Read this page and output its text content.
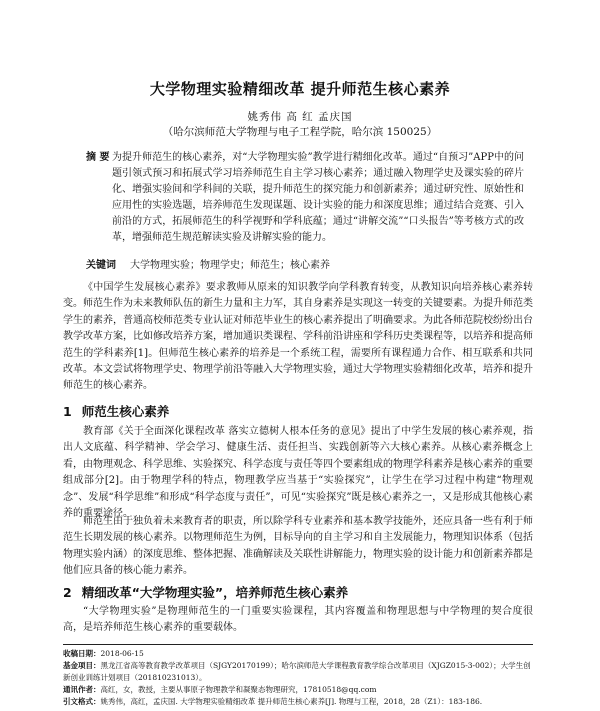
大学物理实验精细改革 提升师范生核心素养
姚秀伟 高 红 孟庆国
（哈尔滨师范大学物理与电子工程学院，哈尔滨 150025）
摘 要 为提升师范生的核心素养，对“大学物理实验”教学进行精细化改革。通过“自预习”APP中的问题引领式预习和拓展式学习培养师范生自主学习核心素养；通过融入物理学史及课实验的碎片化、增强实验间和学科间的关联，提升师范生的探究能力和创新素养；通过研究性、原始性和应用性的实验选题，培养师范生发现谋题、设计实验的能力和深度思维；通过结合竞赛、引入前沿的方式，拓展师范生的科学视野和学科底蕴；通过“讲解交流”“口头报告”等考核方式的改革，增强师范生规范解读实验及讲解实验的能力。
关键词	大学物理实验；物理学史；师范生；核心素养
《中国学生发展核心素养》要求教师从原来的知识教学向学科教育转变，从教知识向培养核心素养转变。师范生作为未来教师队伍的新生力量和主力军，其自身素养是实现这一转变的关键要素。为提升师范类学生的素养，普通高校师范类专业认证对师范毕业生的核心素养提出了明确要求。为此各师范院校纷纷出台教学改革方案，比如修改培养方案，增加通识类课程、学科前沿讲座和学科历史类课程等，以培养和提高师范生的学科素养[1]。但师范生核心素养的培养是一个系统工程，需要所有课程通力合作、相互联系和共同改革。本文尝试将物理学史、物理学前沿等融入大学物理实验，通过大学物理实验精细化改革，培养和提升师范生的核心素养。
1 师范生核心素养
教育部《关于全面深化课程改革 落实立德树人根本任务的意见》提出了中学生发展的核心素养观，指出人文底蕴、科学精神、学会学习、健康生活、责任担当、实践创新等六大核心素养。从核心素养概念上看，由物理观念、科学思维、实验探究、科学态度与责任等四个要素组成的物理学科素养是核心素养的重要组成部分[2]。由于物理学科的特点，物理教学应当基于“实验探究”，让学生在学习过程中构建“物理观念”、发展“科学思维”和形成“科学态度与责任”，可见“实验探究”既是核心素养之一，又是形成其他核心素养的重要途径。
师范生由于独负着未来教育者的职责，所以除学科专业素养和基本教学技能外，还应具备一些有利于师范生长期发展的核心素养。以物理师范生为例，目标导向的自主学习和自主发展能力，物理知识体系（包括物理实验内涵）的深度思维、整体把握、准确解读及关联性讲解能力，物理实验的设计能力和创新素养都是他们应具备的核心能力素养。
2 精细改革“大学物理实验”，培养师范生核心素养
“大学物理实验”是物理师范生的一门重要实验课程，其内容覆盖和物理思想与中学物理的契合度很高，是培养师范生核心素养的重要载体。
收稿日期：2018-06-15
基金项目：黑龙江省高等教育教学改革项目（SJGY20170199）；哈尔滨师范大学课程教育教学综合改革项目（XJGZ015-3-002）；大学生创新创业训练计划项目（201810231013）。
通讯作者：高红，女，教授，主要从事原子物理教学和凝聚态物理研究，17810518@qq.com
引文格式：姚秀伟，高红，孟庆国. 大学物理实验精细改革 提升师范生核心素养[J]. 物理与工程，2018，28（Z1）：183-186.
